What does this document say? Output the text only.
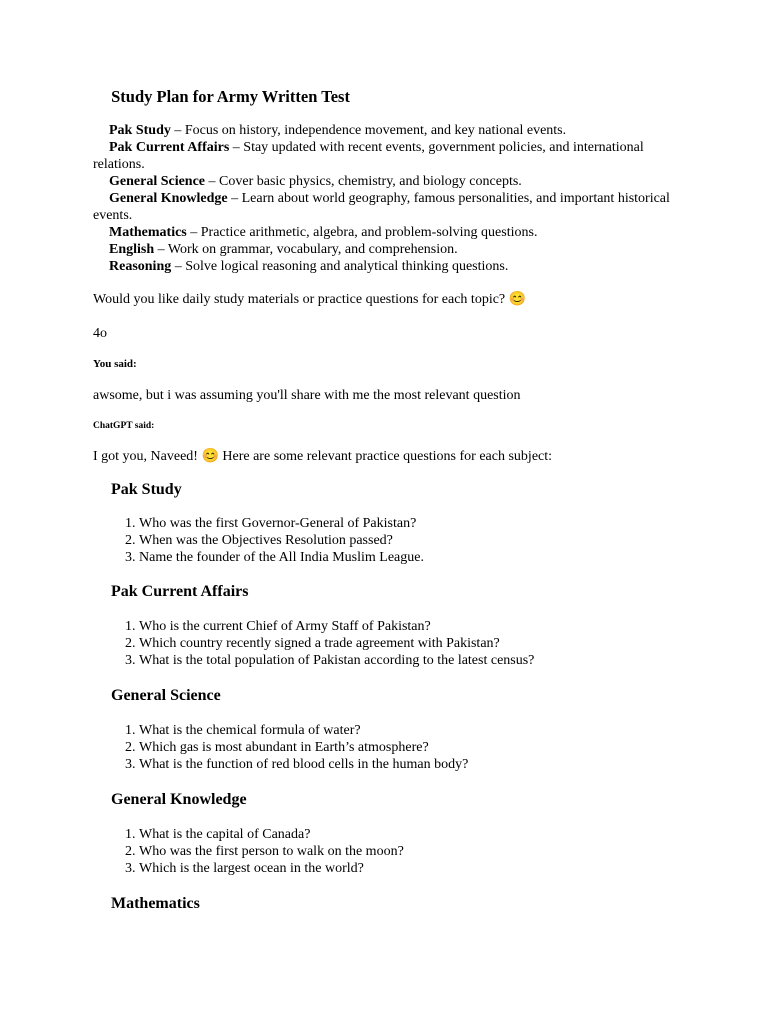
Study Plan for Army Written Test
Pak Study – Focus on history, independence movement, and key national events.
Pak Current Affairs – Stay updated with recent events, government policies, and international relations.
General Science – Cover basic physics, chemistry, and biology concepts.
General Knowledge – Learn about world geography, famous personalities, and important historical events.
Mathematics – Practice arithmetic, algebra, and problem-solving questions.
English – Work on grammar, vocabulary, and comprehension.
Reasoning – Solve logical reasoning and analytical thinking questions.

Would you like daily study materials or practice questions for each topic? 😊

4o

You said:

awsome, but i was assuming you'll share with me the most relevant question

ChatGPT said:

I got you, Naveed! 😊 Here are some relevant practice questions for each subject:

Pak Study
1. Who was the first Governor-General of Pakistan?
2. When was the Objectives Resolution passed?
3. Name the founder of the All India Muslim League.
Pak Current Affairs
1. Who is the current Chief of Army Staff of Pakistan?
2. Which country recently signed a trade agreement with Pakistan?
3. What is the total population of Pakistan according to the latest census?
General Science
1. What is the chemical formula of water?
2. Which gas is most abundant in Earth’s atmosphere?
3. What is the function of red blood cells in the human body?
General Knowledge
1. What is the capital of Canada?
2. Who was the first person to walk on the moon?
3. Which is the largest ocean in the world?
Mathematics
